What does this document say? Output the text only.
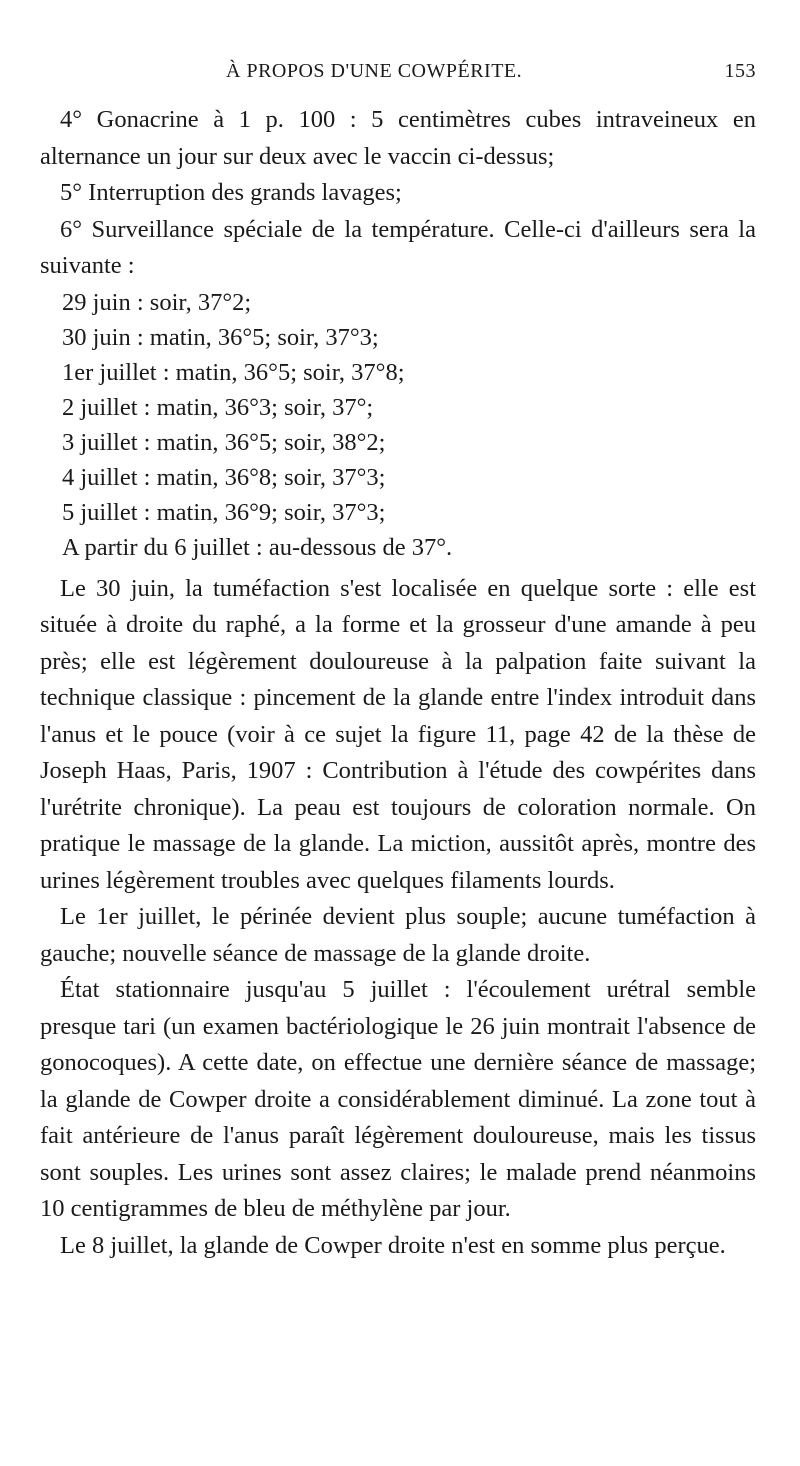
À PROPOS D'UNE COWPÉRITE.	153

4° Gonacrine à 1 p. 100 : 5 centimètres cubes intraveineux en alternance un jour sur deux avec le vaccin ci-dessus;

5° Interruption des grands lavages;

6° Surveillance spéciale de la température. Celle-ci d'ailleurs sera la suivante :

29 juin : soir, 37°2;
30 juin : matin, 36°5; soir, 37°3;
1er juillet : matin, 36°5; soir, 37°8;
2 juillet : matin, 36°3; soir, 37°;
3 juillet : matin, 36°5; soir, 38°2;
4 juillet : matin, 36°8; soir, 37°3;
5 juillet : matin, 36°9; soir, 37°3;
A partir du 6 juillet : au-dessous de 37°.

Le 30 juin, la tuméfaction s'est localisée en quelque sorte : elle est située à droite du raphé, a la forme et la grosseur d'une amande à peu près; elle est légèrement douloureuse à la palpation faite suivant la technique classique : pincement de la glande entre l'index introduit dans l'anus et le pouce (voir à ce sujet la figure 11, page 42 de la thèse de Joseph Haas, Paris, 1907 : Contribution à l'étude des cowpérites dans l'urétrite chronique). La peau est toujours de coloration normale. On pratique le massage de la glande. La miction, aussitôt après, montre des urines légèrement troubles avec quelques filaments lourds.

Le 1er juillet, le périnée devient plus souple; aucune tuméfaction à gauche; nouvelle séance de massage de la glande droite.

État stationnaire jusqu'au 5 juillet : l'écoulement urétral semble presque tari (un examen bactériologique le 26 juin montrait l'absence de gonocoques). A cette date, on effectue une dernière séance de massage; la glande de Cowper droite a considérablement diminué. La zone tout à fait antérieure de l'anus paraît légèrement douloureuse, mais les tissus sont souples. Les urines sont assez claires; le malade prend néanmoins 10 centigrammes de bleu de méthylène par jour.

Le 8 juillet, la glande de Cowper droite n'est en somme plus perçue.
